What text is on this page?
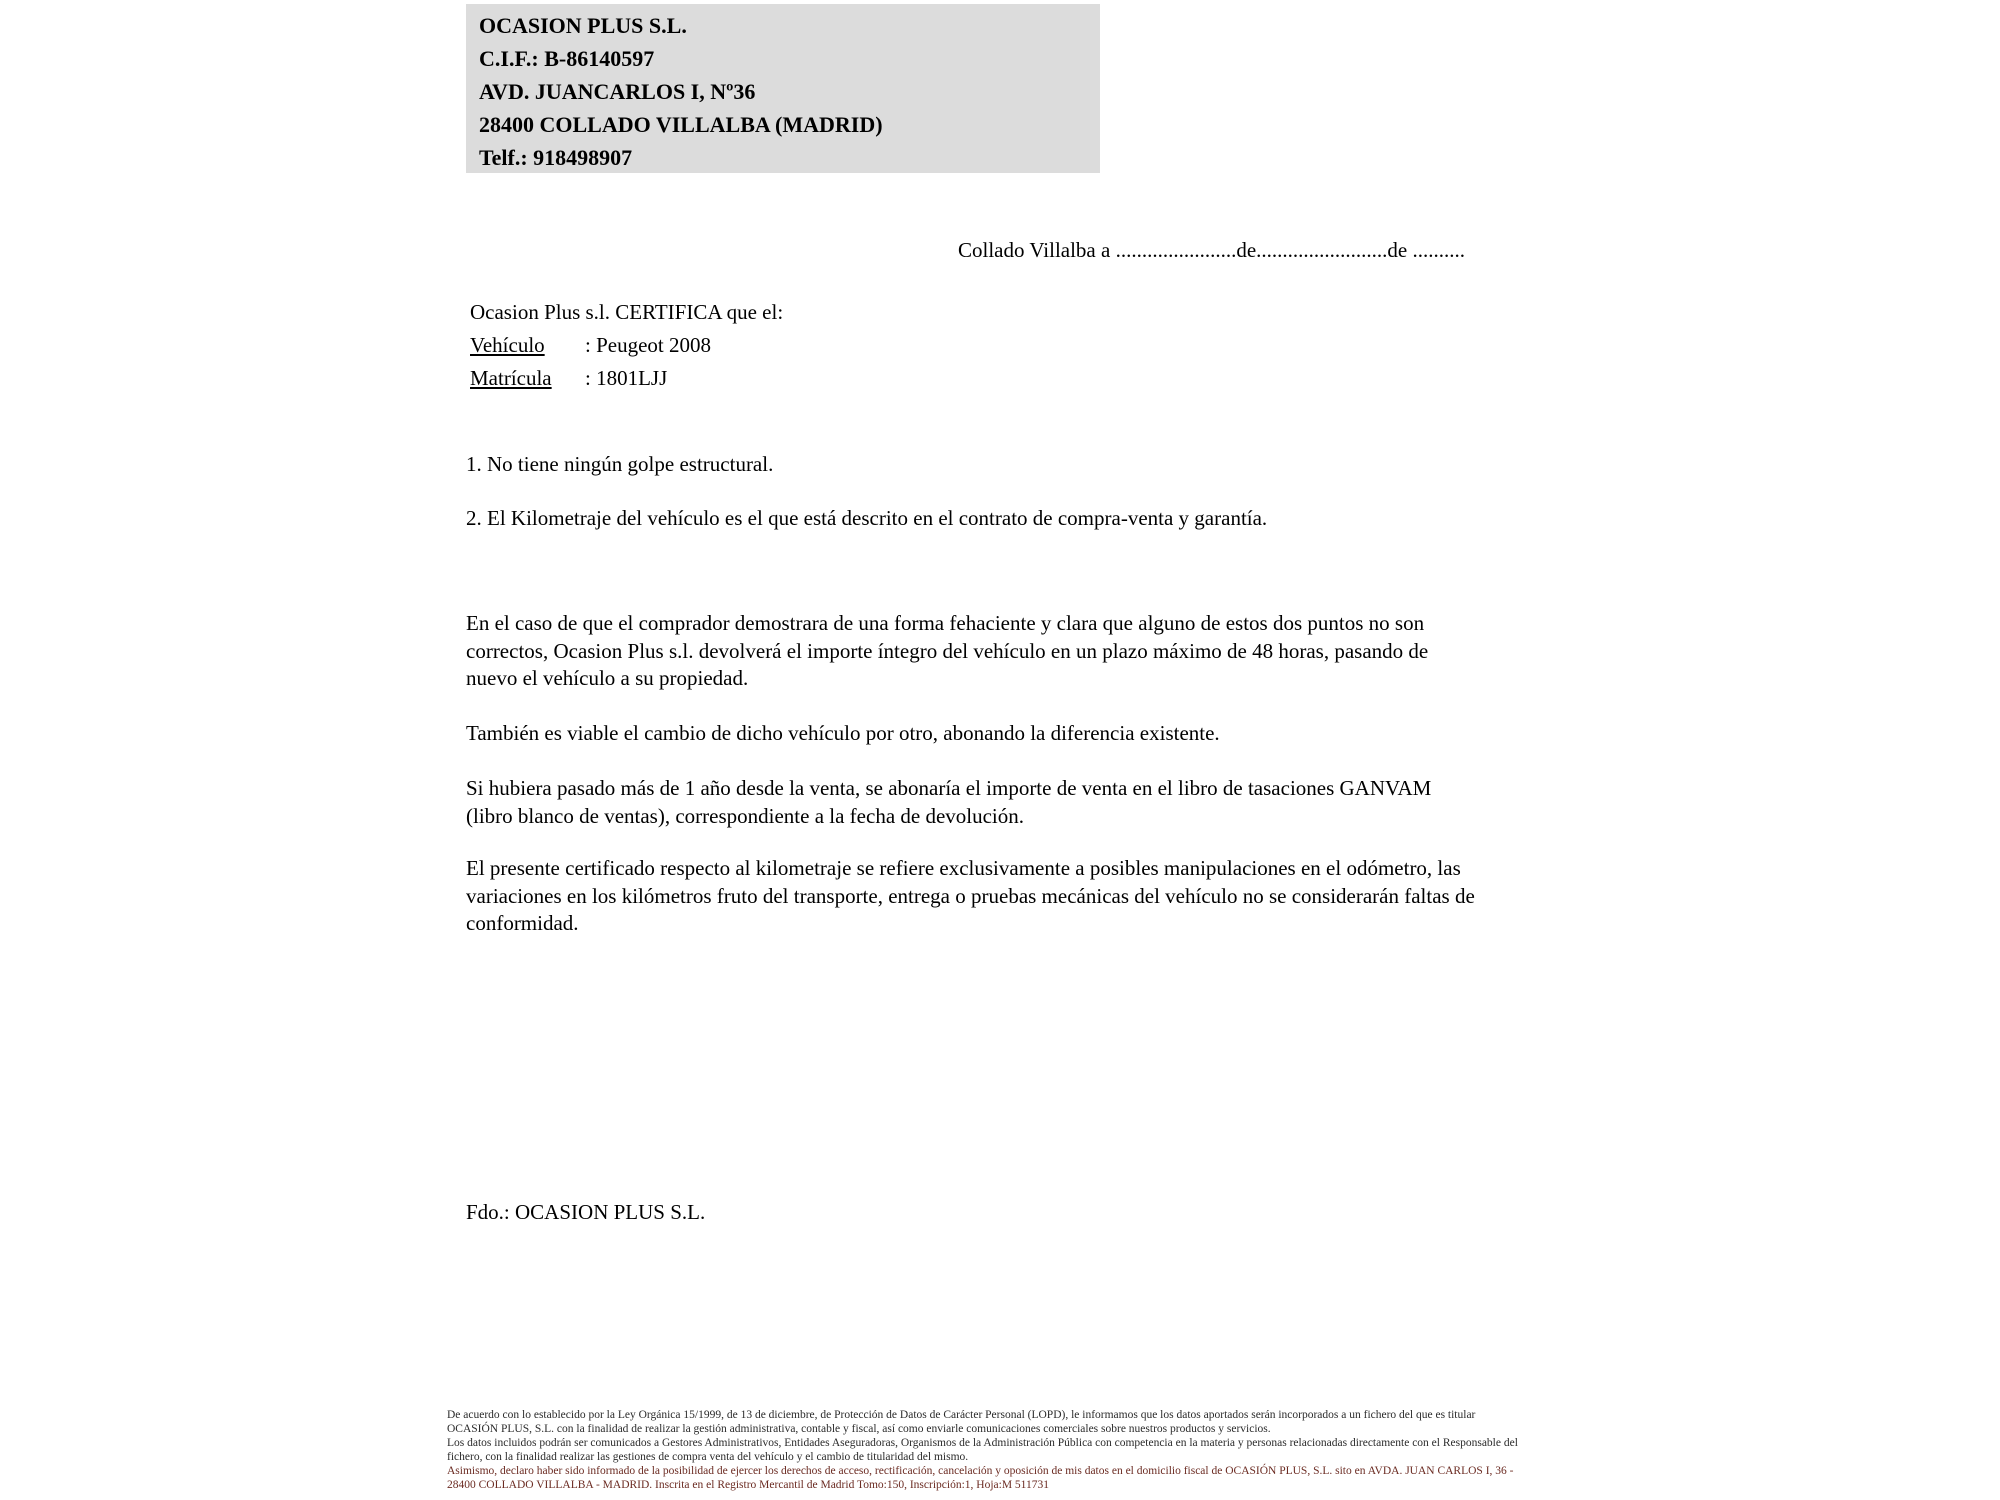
OCASION PLUS S.L.
C.I.F.: B-86140597
AVD. JUANCARLOS I, Nº36
28400 COLLADO VILLALBA (MADRID)
Telf.: 918498907
Collado Villalba a .......................de.........................de ..........
Ocasion Plus s.l. CERTIFICA que el:
Vehículo : Peugeot 2008
Matrícula : 1801LJJ
1. No tiene ningún golpe estructural.
2. El Kilometraje del vehículo es el que está descrito en el contrato de compra-venta y garantía.
En el caso de que el comprador demostrara de una forma fehaciente y clara que alguno de estos dos puntos no son correctos, Ocasion Plus s.l. devolverá el importe íntegro del vehículo en un plazo máximo de 48 horas, pasando de nuevo el vehículo a su propiedad.
También es viable el cambio de dicho vehículo por otro, abonando la diferencia existente.
Si hubiera pasado más de 1 año desde la venta, se abonaría el importe de venta en el libro de tasaciones GANVAM (libro blanco de ventas), correspondiente a la fecha de devolución.
El presente certificado respecto al kilometraje se refiere exclusivamente a posibles manipulaciones en el odómetro, las variaciones en los kilómetros fruto del transporte, entrega o pruebas mecánicas del vehículo no se considerarán faltas de conformidad.
Fdo.: OCASION PLUS S.L.

De acuerdo con lo establecido por la Ley Orgánica 15/1999, de 13 de diciembre, de Protección de Datos de Carácter Personal (LOPD), le informamos que los datos aportados serán incorporados a un fichero del que es titular OCASIÓN PLUS, S.L. con la finalidad de realizar la gestión administrativa, contable y fiscal, así como enviarle comunicaciones comerciales sobre nuestros productos y servicios.

Los datos incluidos podrán ser comunicados a Gestores Administrativos, Entidades Aseguradoras, Organismos de la Administración Pública con competencia en la materia y personas relacionadas directamente con el Responsable del fichero, con la finalidad realizar las gestiones de compra venta del vehículo y el cambio de titularidad del mismo.

Asimismo, declaro haber sido informado de la posibilidad de ejercer los derechos de acceso, rectificación, cancelación y oposición de mis datos en el domicilio fiscal de OCASIÓN PLUS, S.L. sito en AVDA. JUAN CARLOS I, 36 - 28400 COLLADO VILLALBA - MADRID. Inscrita en el Registro Mercantil de Madrid Tomo:150, Inscripción:1, Hoja:M 511731
